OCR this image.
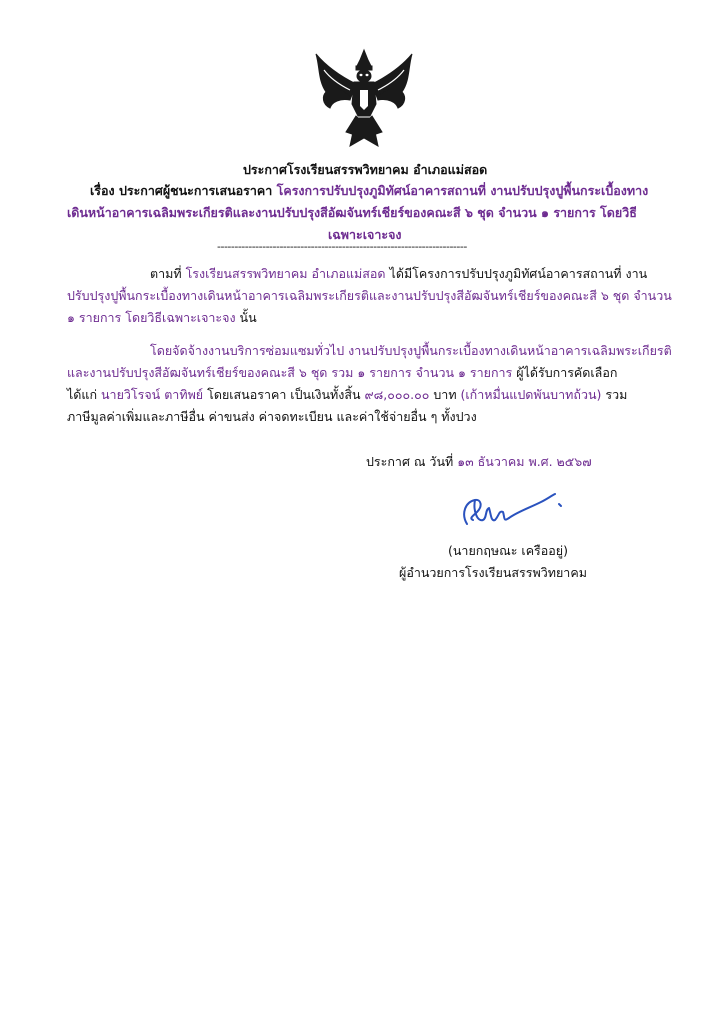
ประกาศโรงเรียนสรรพวิทยาคม อำเภอแม่สอด
เรื่อง ประกาศผู้ชนะการเสนอราคา โครงการปรับปรุงภูมิทัศน์อาคารสถานที่ งานปรับปรุงปูพื้นกระเบื้องทาง
เดินหน้าอาคารเฉลิมพระเกียรติและงานปรับปรุงสีอัฒจันทร์เชียร์ของคณะสี ๖ ชุด จำนวน ๑ รายการ โดยวิธี
เฉพาะเจาะจง
------------------------------------------------------------------------
ตามที่ โรงเรียนสรรพวิทยาคม อำเภอแม่สอด ได้มีโครงการปรับปรุงภูมิทัศน์อาคารสถานที่ งาน
ปรับปรุงปูพื้นกระเบื้องทางเดินหน้าอาคารเฉลิมพระเกียรติและงานปรับปรุงสีอัฒจันทร์เชียร์ของคณะสี ๖ ชุด จำนวน
๑ รายการ โดยวิธีเฉพาะเจาะจง นั้น
โดยจัดจ้างงานบริการซ่อมแซมทั่วไป งานปรับปรุงปูพื้นกระเบื้องทางเดินหน้าอาคารเฉลิมพระเกียรติ
และงานปรับปรุงสีอัฒจันทร์เชียร์ของคณะสี ๖ ชุด รวม ๑ รายการ จำนวน ๑ รายการ ผู้ได้รับการคัดเลือก
ได้แก่ นายวิโรจน์ ตาทิพย์ โดยเสนอราคา เป็นเงินทั้งสิ้น ๙๘,๐๐๐.๐๐ บาท (เก้าหมื่นแปดพันบาทถ้วน) รวม
ภาษีมูลค่าเพิ่มและภาษีอื่น ค่าขนส่ง ค่าจดทะเบียน และค่าใช้จ่ายอื่น ๆ ทั้งปวง
ประกาศ ณ วันที่ ๑๓ ธันวาคม พ.ศ. ๒๕๖๗
(นายกฤษณะ เครืออยู่)
ผู้อำนวยการโรงเรียนสรรพวิทยาคม
